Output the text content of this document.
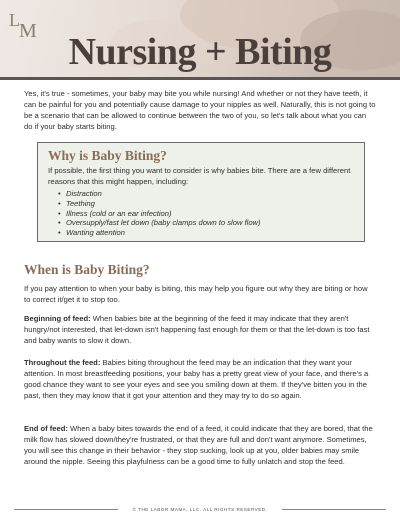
L M Nursing + Biting

Yes, it's true - sometimes, your baby may bite you while nursing! And whether or not they have teeth, it can be painful for you and potentially cause damage to your nipples as well. Naturally, this is not going to be a scenario that can be allowed to continue between the two of you, so let's talk about what you can do if your baby starts biting.

Why is Baby Biting?

If possible, the first thing you want to consider is why babies bite. There are a few different reasons that this might happen, including:

• Distraction
• Teething
• Illness (cold or an ear infection)
• Oversupply/fast let down (baby clamps down to slow flow)
• Wanting attention
When is Baby Biting?

If you pay attention to when your baby is biting, this may help you figure out why they are biting or how to correct it/get it to stop too.

Beginning of feed: When babies bite at the beginning of the feed it may indicate that they aren't hungry/not interested, that let-down isn't happening fast enough for them or that the let-down is too fast and baby wants to slow it down.

Throughout the feed: Babies biting throughout the feed may be an indication that they want your attention. In most breastfeeding positions, your baby has a pretty great view of your face, and there's a good chance they want to see your eyes and see you smiling down at them. If they've bitten you in the past, then they may know that it got your attention and they may try to do so again.

End of feed: When a baby bites towards the end of a feed, it could indicate that they are bored, that the milk flow has slowed down/they're frustrated, or that they are full and don't want anymore. Sometimes, you will see this change in their behavior - they stop sucking, look up at you, older babies may smile around the nipple. Seeing this playfulness can be a good time to fully unlatch and stop the feed.

© THE LABOR MAMA, LLC. ALL RIGHTS RESERVED.
